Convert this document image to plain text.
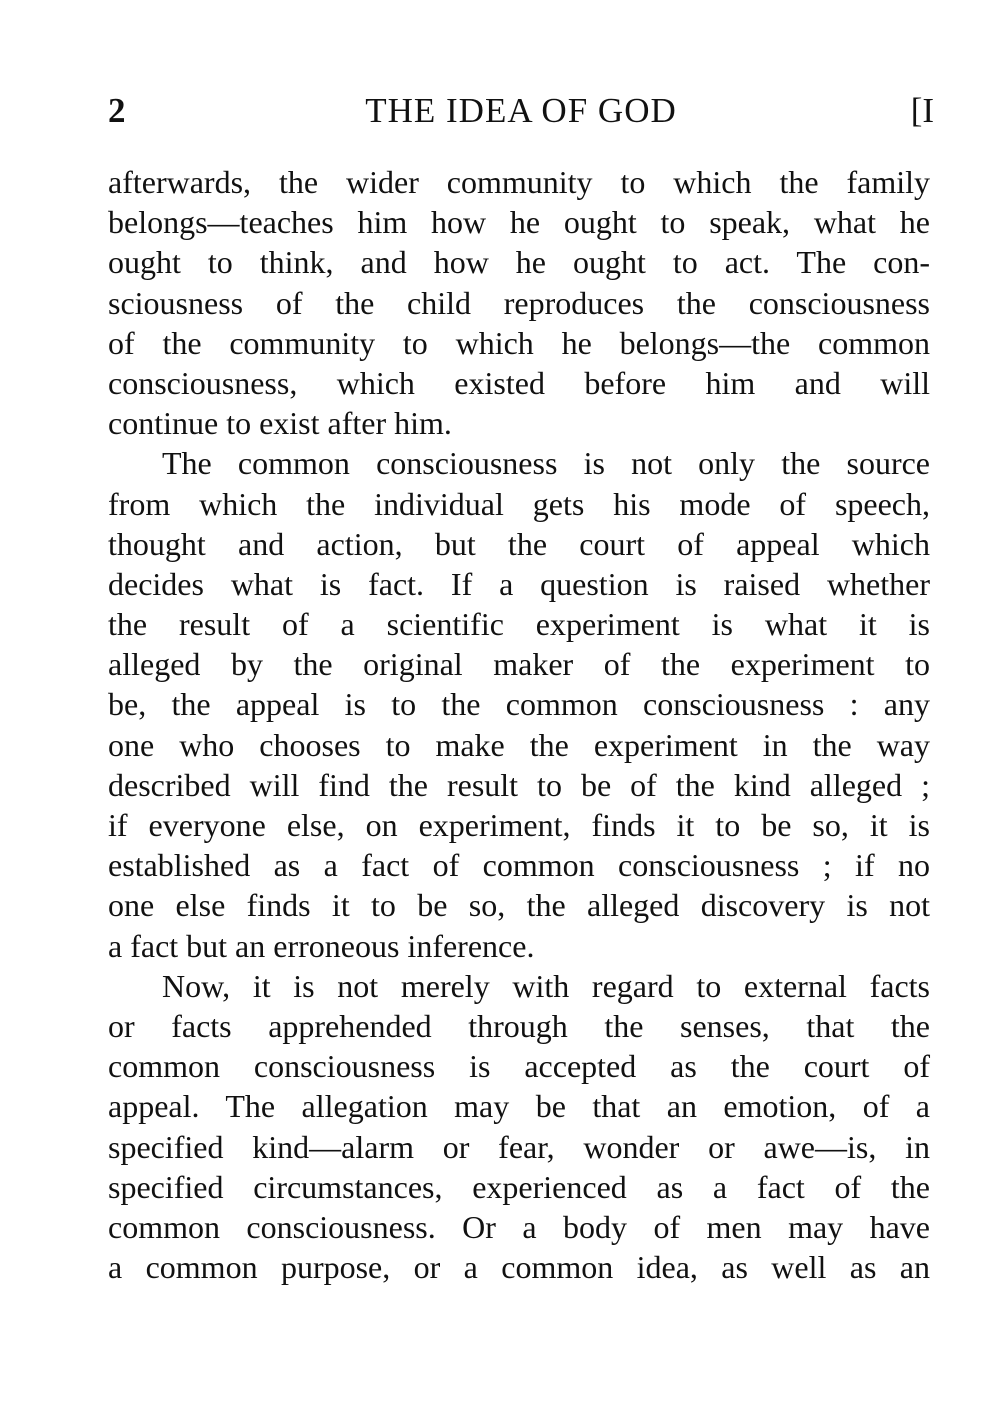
2	THE IDEA OF GOD	[I
afterwards, the wider community to which the family
belongs—teaches him how he ought to speak, what he
ought to think, and how he ought to act. The con-
sciousness of the child reproduces the consciousness
of the community to which he belongs—the common
consciousness, which existed before him and will
continue to exist after him.
The common consciousness is not only the source
from which the individual gets his mode of speech,
thought and action, but the court of appeal which
decides what is fact. If a question is raised whether
the result of a scientific experiment is what it is
alleged by the original maker of the experiment to
be, the appeal is to the common consciousness : any
one who chooses to make the experiment in the way
described will find the result to be of the kind alleged ;
if everyone else, on experiment, finds it to be so, it is
established as a fact of common consciousness ; if no
one else finds it to be so, the alleged discovery is not
a fact but an erroneous inference.
Now, it is not merely with regard to external facts
or facts apprehended through the senses, that the
common consciousness is accepted as the court of
appeal. The allegation may be that an emotion, of a
specified kind—alarm or fear, wonder or awe—is, in
specified circumstances, experienced as a fact of the
common consciousness. Or a body of men may have
a common purpose, or a common idea, as well as an
